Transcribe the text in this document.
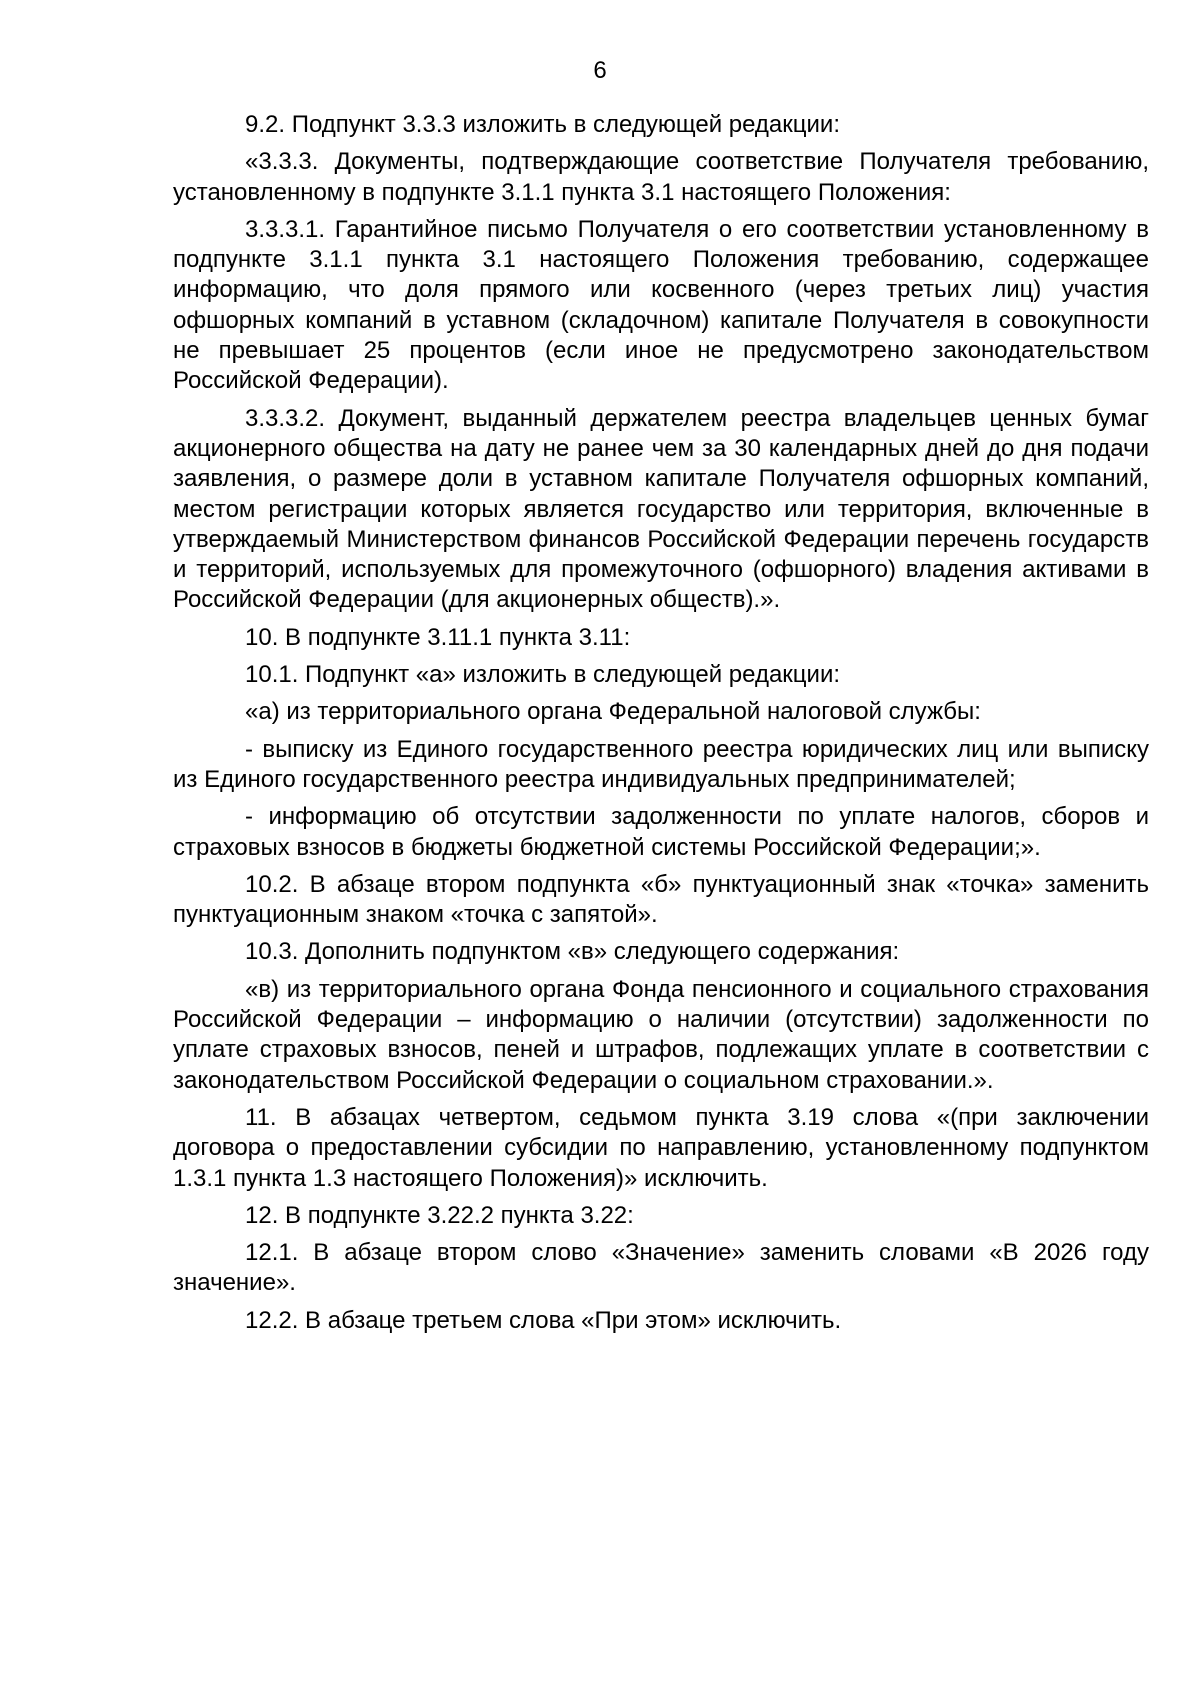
6

9.2. Подпункт 3.3.3 изложить в следующей редакции:

«3.3.3. Документы, подтверждающие соответствие Получателя требованию, установленному в подпункте 3.1.1 пункта 3.1 настоящего Положения:

3.3.3.1. Гарантийное письмо Получателя о его соответствии установленному в подпункте 3.1.1 пункта 3.1 настоящего Положения требованию, содержащее информацию, что доля прямого или косвенного (через третьих лиц) участия офшорных компаний в уставном (складочном) капитале Получателя в совокупности не превышает 25 процентов (если иное не предусмотрено законодательством Российской Федерации).

3.3.3.2. Документ, выданный держателем реестра владельцев ценных бумаг акционерного общества на дату не ранее чем за 30 календарных дней до дня подачи заявления, о размере доли в уставном капитале Получателя офшорных компаний, местом регистрации которых является государство или территория, включенные в утверждаемый Министерством финансов Российской Федерации перечень государств и территорий, используемых для промежуточного (офшорного) владения активами в Российской Федерации (для акционерных обществ).».

10. В подпункте 3.11.1 пункта 3.11:

10.1. Подпункт «а» изложить в следующей редакции:

«а) из территориального органа Федеральной налоговой службы:

- выписку из Единого государственного реестра юридических лиц или выписку из Единого государственного реестра индивидуальных предпринимателей;

- информацию об отсутствии задолженности по уплате налогов, сборов и страховых взносов в бюджеты бюджетной системы Российской Федерации;».

10.2. В абзаце втором подпункта «б» пунктуационный знак «точка» заменить пунктуационным знаком «точка с запятой».

10.3. Дополнить подпунктом «в» следующего содержания:

«в) из территориального органа Фонда пенсионного и социального страхования Российской Федерации – информацию о наличии (отсутствии) задолженности по уплате страховых взносов, пеней и штрафов, подлежащих уплате в соответствии с законодательством Российской Федерации о социальном страховании.».

11. В абзацах четвертом, седьмом пункта 3.19 слова «(при заключении договора о предоставлении субсидии по направлению, установленному подпунктом 1.3.1 пункта 1.3 настоящего Положения)» исключить.

12. В подпункте 3.22.2 пункта 3.22:

12.1. В абзаце втором слово «Значение» заменить словами «В 2026 году значение».

12.2. В абзаце третьем слова «При этом» исключить.
